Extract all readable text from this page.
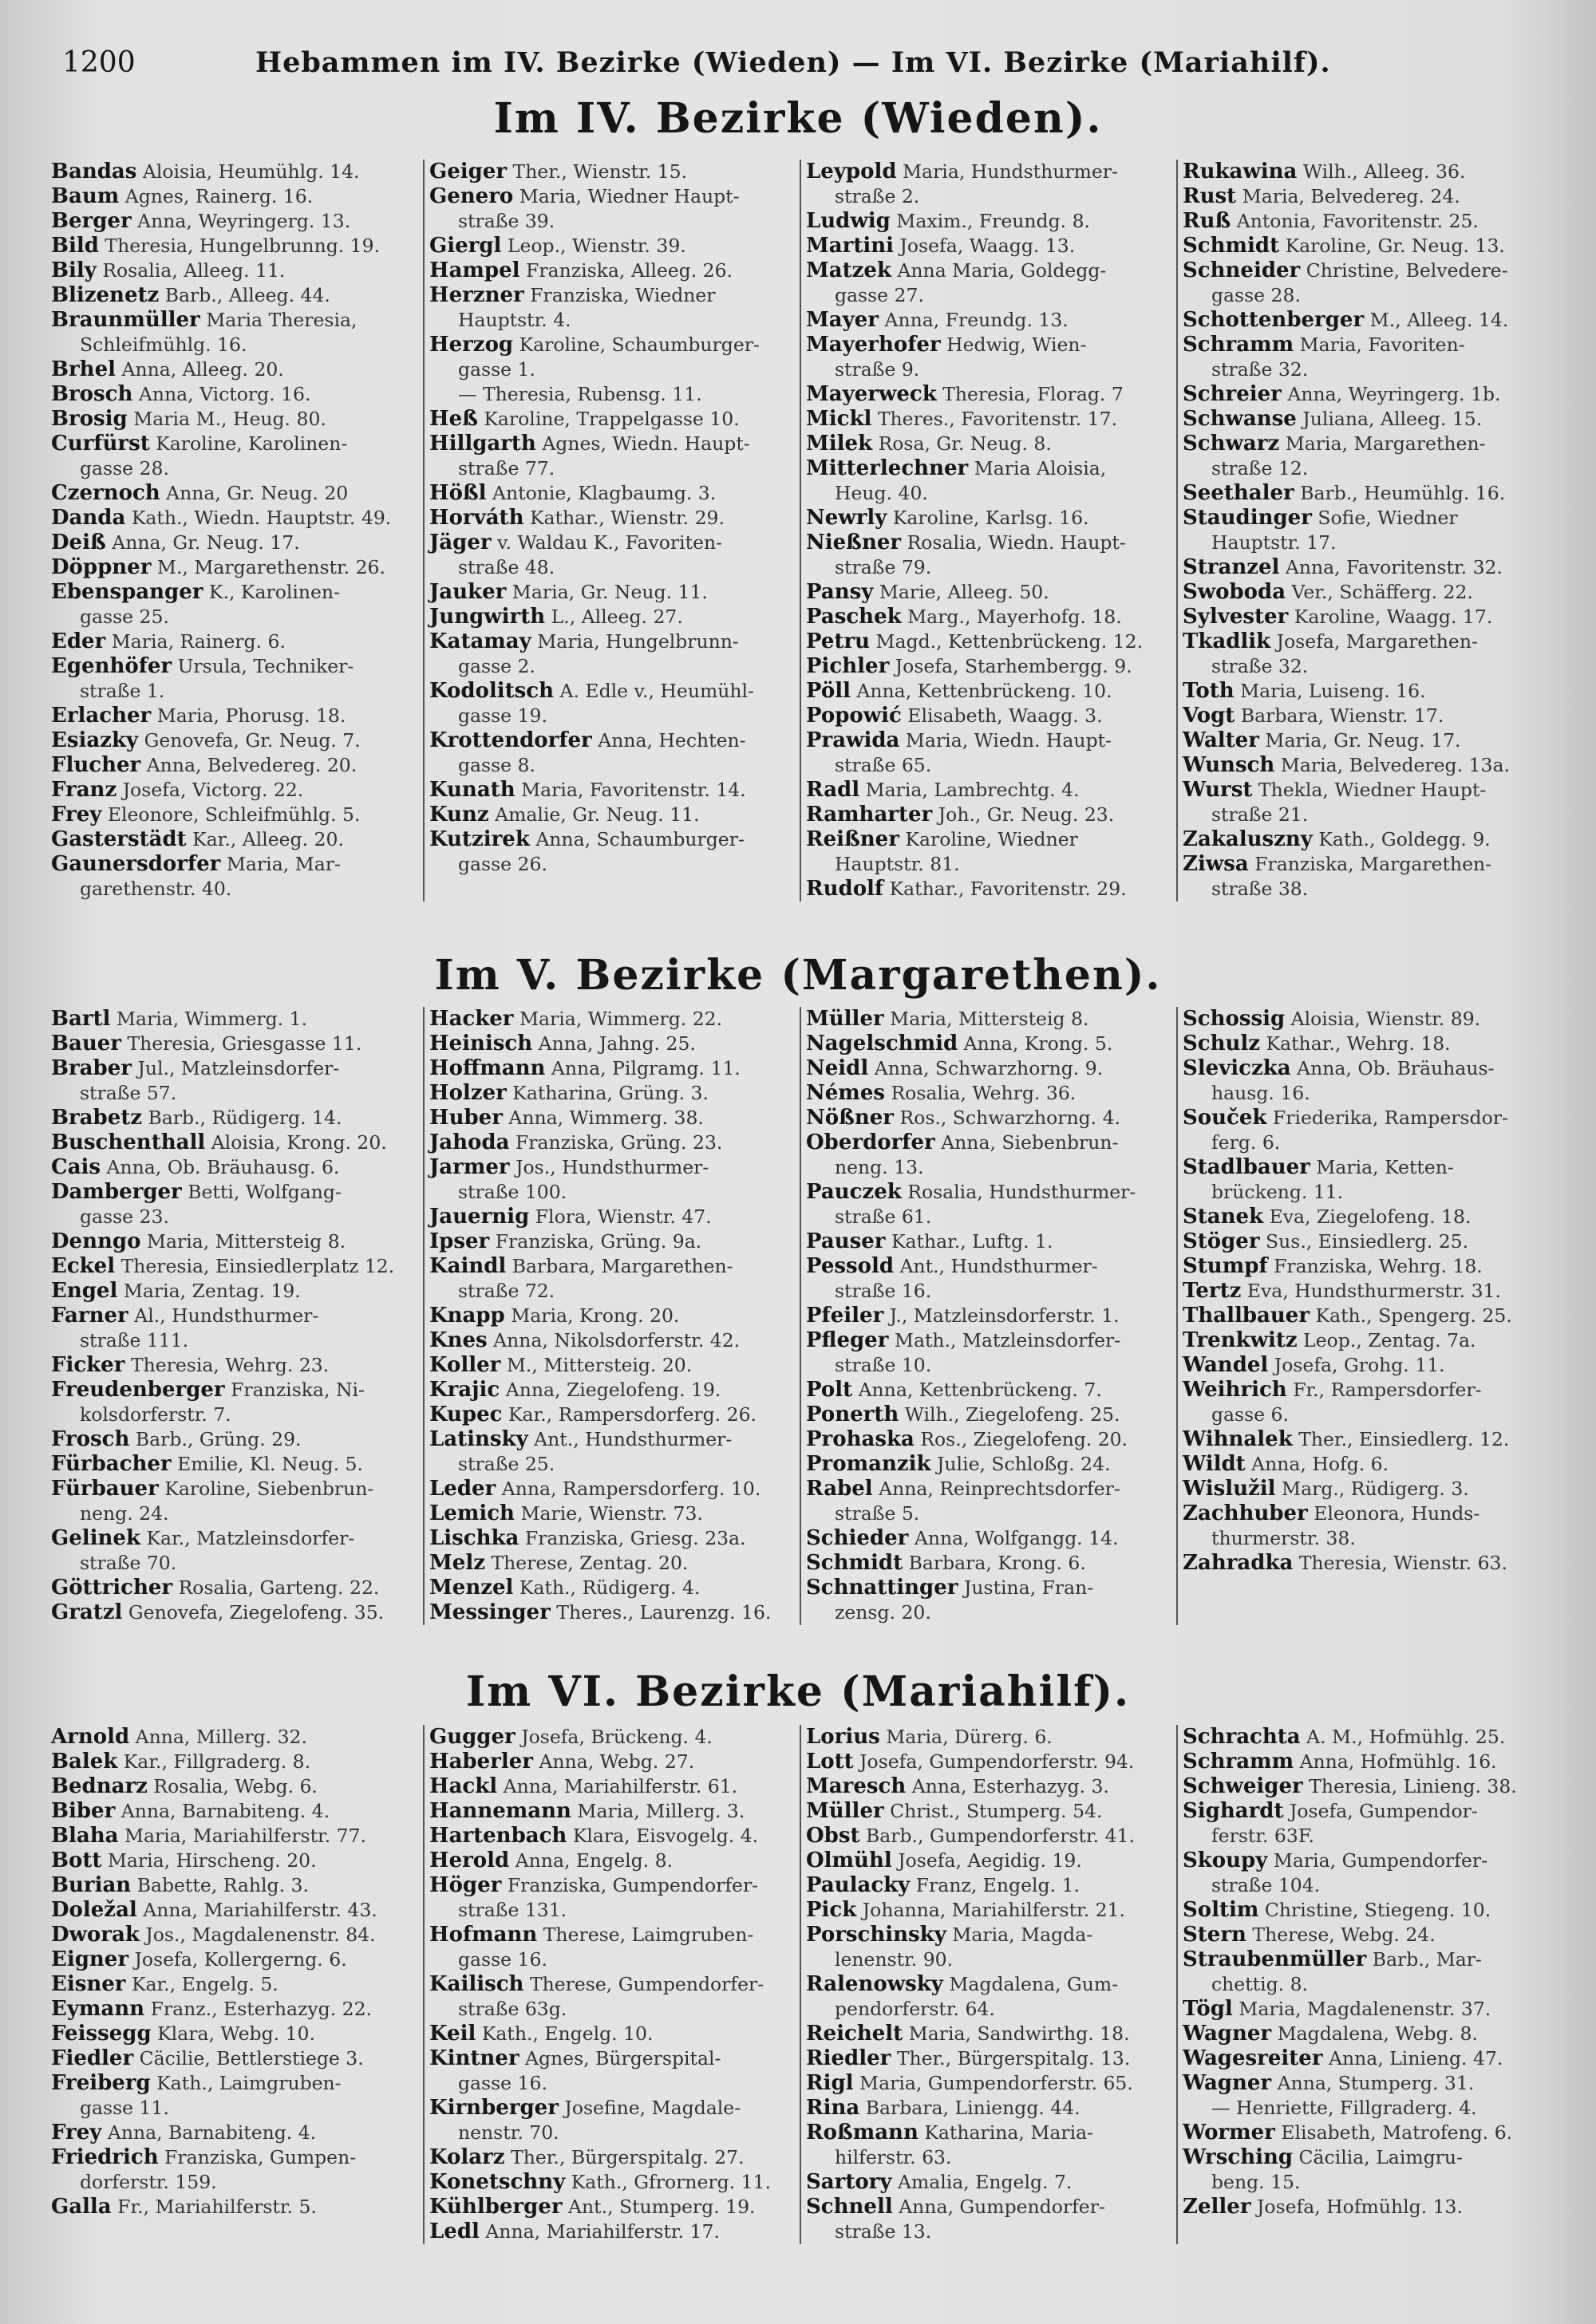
1200	Hebammen im IV. Bezirke (Wieden) — Im VI. Bezirke (Mariahilf).
Im IV. Bezirke (Wieden).
Bandas Aloisia, Heumühlg. 14.
Baum Agnes, Rainerg. 16.
Berger Anna, Weyringerg. 13.
Bild Theresia, Hungelbrunng. 19.
Bily Rosalia, Alleeg. 11.
Blizenetz Barb., Alleeg. 44.
Braunmüller Maria Theresia,
Schleifmühlg. 16.
Brhel Anna, Alleeg. 20.
Brosch Anna, Victorg. 16.
Brosig Maria M., Heug. 80.
Curfürst Karoline, Karolinen-
gasse 28.
Czernoch Anna, Gr. Neug. 20
Danda Kath., Wiedn. Hauptstr. 49.
Deiß Anna, Gr. Neug. 17.
Döppner M., Margarethenstr. 26.
Ebenspanger K., Karolinen-
gasse 25.
Eder Maria, Rainerg. 6.
Egenhöfer Ursula, Techniker-
straße 1.
Erlacher Maria, Phorusg. 18.
Esiazky Genovefa, Gr. Neug. 7.
Flucher Anna, Belvedereg. 20.
Franz Josefa, Victorg. 22.
Frey Eleonore, Schleifmühlg. 5.
Gasterstädt Kar., Alleeg. 20.
Gaunersdorfer Maria, Mar-
garethenstr. 40.
Geiger Ther., Wienstr. 15.
Genero Maria, Wiedner Haupt-
straße 39.
Giergl Leop., Wienstr. 39.
Hampel Franziska, Alleeg. 26.
Herzner Franziska, Wiedner
Hauptstr. 4.
Herzog Karoline, Schaumburger-
gasse 1.
— Theresia, Rubensg. 11.
Heß Karoline, Trappelgasse 10.
Hillgarth Agnes, Wiedn. Haupt-
straße 77.
Hößl Antonie, Klagbaumg. 3.
Horváth Kathar., Wienstr. 29.
Jäger v. Waldau K., Favoriten-
straße 48.
Jauker Maria, Gr. Neug. 11.
Jungwirth L., Alleeg. 27.
Katamay Maria, Hungelbrunn-
gasse 2.
Kodolitsch A. Edle v., Heumühl-
gasse 19.
Krottendorfer Anna, Hechten-
gasse 8.
Kunath Maria, Favoritenstr. 14.
Kunz Amalie, Gr. Neug. 11.
Kutzirek Anna, Schaumburger-
gasse 26.
Leypold Maria, Hundsthurmer-
straße 2.
Ludwig Maxim., Freundg. 8.
Martini Josefa, Waagg. 13.
Matzek Anna Maria, Goldegg-
gasse 27.
Mayer Anna, Freundg. 13.
Mayerhofer Hedwig, Wien-
straße 9.
Mayerweck Theresia, Florag. 7
Mickl Theres., Favoritenstr. 17.
Milek Rosa, Gr. Neug. 8.
Mitterlechner Maria Aloisia,
Heug. 40.
Newrly Karoline, Karlsg. 16.
Nießner Rosalia, Wiedn. Haupt-
straße 79.
Pansy Marie, Alleeg. 50.
Paschek Marg., Mayerhofg. 18.
Petru Magd., Kettenbrückeng. 12.
Pichler Josefa, Starhembergg. 9.
Pöll Anna, Kettenbrückeng. 10.
Popowić Elisabeth, Waagg. 3.
Prawida Maria, Wiedn. Haupt-
straße 65.
Radl Maria, Lambrechtg. 4.
Ramharter Joh., Gr. Neug. 23.
Reißner Karoline, Wiedner
Hauptstr. 81.
Rudolf Kathar., Favoritenstr. 29.
Rukawina Wilh., Alleeg. 36.
Rust Maria, Belvedereg. 24.
Ruß Antonia, Favoritenstr. 25.
Schmidt Karoline, Gr. Neug. 13.
Schneider Christine, Belvedere-
gasse 28.
Schottenberger M., Alleeg. 14.
Schramm Maria, Favoriten-
straße 32.
Schreier Anna, Weyringerg. 1b.
Schwanse Juliana, Alleeg. 15.
Schwarz Maria, Margarethen-
straße 12.
Seethaler Barb., Heumühlg. 16.
Staudinger Sofie, Wiedner
Hauptstr. 17.
Stranzel Anna, Favoritenstr. 32.
Swoboda Ver., Schäfferg. 22.
Sylvester Karoline, Waagg. 17.
Tkadlik Josefa, Margarethen-
straße 32.
Toth Maria, Luiseng. 16.
Vogt Barbara, Wienstr. 17.
Walter Maria, Gr. Neug. 17.
Wunsch Maria, Belvedereg. 13a.
Wurst Thekla, Wiedner Haupt-
straße 21.
Zakaluszny Kath., Goldegg. 9.
Ziwsa Franziska, Margarethen-
straße 38.
Im V. Bezirke (Margarethen).
Bartl Maria, Wimmerg. 1.
Bauer Theresia, Griesgasse 11.
Braber Jul., Matzleinsdorfer-
straße 57.
Brabetz Barb., Rüdigerg. 14.
Buschenthall Aloisia, Krong. 20.
Cais Anna, Ob. Bräuhausg. 6.
Damberger Betti, Wolfgang-
gasse 23.
Denngo Maria, Mittersteig 8.
Eckel Theresia, Einsiedlerplatz 12.
Engel Maria, Zentag. 19.
Farner Al., Hundsthurmer-
straße 111.
Ficker Theresia, Wehrg. 23.
Freudenberger Franziska, Ni-
kolsdorferstr. 7.
Frosch Barb., Grüng. 29.
Fürbacher Emilie, Kl. Neug. 5.
Fürbauer Karoline, Siebenbrun-
neng. 24.
Gelinek Kar., Matzleinsdorfer-
straße 70.
Göttricher Rosalia, Garteng. 22.
Gratzl Genovefa, Ziegelofeng. 35.
Hacker Maria, Wimmerg. 22.
Heinisch Anna, Jahng. 25.
Hoffmann Anna, Pilgramg. 11.
Holzer Katharina, Grüng. 3.
Huber Anna, Wimmerg. 38.
Jahoda Franziska, Grüng. 23.
Jarmer Jos., Hundsthurmer-
straße 100.
Jauernig Flora, Wienstr. 47.
Ipser Franziska, Grüng. 9a.
Kaindl Barbara, Margarethen-
straße 72.
Knapp Maria, Krong. 20.
Knes Anna, Nikolsdorferstr. 42.
Koller M., Mittersteig. 20.
Krajic Anna, Ziegelofeng. 19.
Kupec Kar., Rampersdorferg. 26.
Latinsky Ant., Hundsthurmer-
straße 25.
Leder Anna, Rampersdorferg. 10.
Lemich Marie, Wienstr. 73.
Lischka Franziska, Griesg. 23a.
Melz Therese, Zentag. 20.
Menzel Kath., Rüdigerg. 4.
Messinger Theres., Laurenzg. 16.
Müller Maria, Mittersteig 8.
Nagelschmid Anna, Krong. 5.
Neidl Anna, Schwarzhorng. 9.
Némes Rosalia, Wehrg. 36.
Nößner Ros., Schwarzhorng. 4.
Oberdorfer Anna, Siebenbrun-
neng. 13.
Pauczek Rosalia, Hundsthurmer-
straße 61.
Pauser Kathar., Luftg. 1.
Pessold Ant., Hundsthurmer-
straße 16.
Pfeiler J., Matzleinsdorferstr. 1.
Pfleger Math., Matzleinsdorfer-
straße 10.
Polt Anna, Kettenbrückeng. 7.
Ponerth Wilh., Ziegelofeng. 25.
Prohaska Ros., Ziegelofeng. 20.
Promanzik Julie, Schloßg. 24.
Rabel Anna, Reinprechtsdorfer-
straße 5.
Schieder Anna, Wolfgangg. 14.
Schmidt Barbara, Krong. 6.
Schnattinger Justina, Fran-
zensg. 20.
Schossig Aloisia, Wienstr. 89.
Schulz Kathar., Wehrg. 18.
Sleviczka Anna, Ob. Bräuhaus-
hausg. 16.
Souček Friederika, Rampersdor-
ferg. 6.
Stadlbauer Maria, Ketten-
brückeng. 11.
Stanek Eva, Ziegelofeng. 18.
Stöger Sus., Einsiedlerg. 25.
Stumpf Franziska, Wehrg. 18.
Tertz Eva, Hundsthurmerstr. 31.
Thallbauer Kath., Spengerg. 25.
Trenkwitz Leop., Zentag. 7a.
Wandel Josefa, Grohg. 11.
Weihrich Fr., Rampersdorfer-
gasse 6.
Wihnalek Ther., Einsiedlerg. 12.
Wildt Anna, Hofg. 6.
Wislužil Marg., Rüdigerg. 3.
Zachhuber Eleonora, Hunds-
thurmerstr. 38.
Zahradka Theresia, Wienstr. 63.
Im VI. Bezirke (Mariahilf).
Arnold Anna, Millerg. 32.
Balek Kar., Fillgraderg. 8.
Bednarz Rosalia, Webg. 6.
Biber Anna, Barnabiteng. 4.
Blaha Maria, Mariahilferstr. 77.
Bott Maria, Hirscheng. 20.
Burian Babette, Rahlg. 3.
Doležal Anna, Mariahilferstr. 43.
Dworak Jos., Magdalenenstr. 84.
Eigner Josefa, Kollergerng. 6.
Eisner Kar., Engelg. 5.
Eymann Franz., Esterhazyg. 22.
Feissegg Klara, Webg. 10.
Fiedler Cäcilie, Bettlerstiege 3.
Freiberg Kath., Laimgruben-
gasse 11.
Frey Anna, Barnabiteng. 4.
Friedrich Franziska, Gumpen-
dorferstr. 159.
Galla Fr., Mariahilferstr. 5.
Gugger Josefa, Brückeng. 4.
Haberler Anna, Webg. 27.
Hackl Anna, Mariahilferstr. 61.
Hannemann Maria, Millerg. 3.
Hartenbach Klara, Eisvogelg. 4.
Herold Anna, Engelg. 8.
Höger Franziska, Gumpendorfer-
straße 131.
Hofmann Therese, Laimgruben-
gasse 16.
Kailisch Therese, Gumpendorfer-
straße 63g.
Keil Kath., Engelg. 10.
Kintner Agnes, Bürgerspital-
gasse 16.
Kirnberger Josefine, Magdale-
nenstr. 70.
Kolarz Ther., Bürgerspitalg. 27.
Konetschny Kath., Gfrornerg. 11.
Kühlberger Ant., Stumperg. 19.
Ledl Anna, Mariahilferstr. 17.
Lorius Maria, Dürerg. 6.
Lott Josefa, Gumpendorferstr. 94.
Maresch Anna, Esterhazyg. 3.
Müller Christ., Stumperg. 54.
Obst Barb., Gumpendorferstr. 41.
Olmühl Josefa, Aegidig. 19.
Paulacky Franz, Engelg. 1.
Pick Johanna, Mariahilferstr. 21.
Porschinsky Maria, Magda-
lenenstr. 90.
Ralenowsky Magdalena, Gum-
pendorferstr. 64.
Reichelt Maria, Sandwirthg. 18.
Riedler Ther., Bürgerspitalg. 13.
Rigl Maria, Gumpendorferstr. 65.
Rina Barbara, Liniengg. 44.
Roßmann Katharina, Maria-
hilferstr. 63.
Sartory Amalia, Engelg. 7.
Schnell Anna, Gumpendorfer-
straße 13.
Schrachta A. M., Hofmühlg. 25.
Schramm Anna, Hofmühlg. 16.
Schweiger Theresia, Linieng. 38.
Sighardt Josefa, Gumpendor-
ferstr. 63F.
Skoupy Maria, Gumpendorfer-
straße 104.
Soltim Christine, Stiegeng. 10.
Stern Therese, Webg. 24.
Straubenmüller Barb., Mar-
chettig. 8.
Tögl Maria, Magdalenenstr. 37.
Wagner Magdalena, Webg. 8.
Wagesreiter Anna, Linieng. 47.
Wagner Anna, Stumperg. 31.
— Henriette, Fillgraderg. 4.
Wormer Elisabeth, Matrofeng. 6.
Wrsching Cäcilia, Laimgru-
beng. 15.
Zeller Josefa, Hofmühlg. 13.
